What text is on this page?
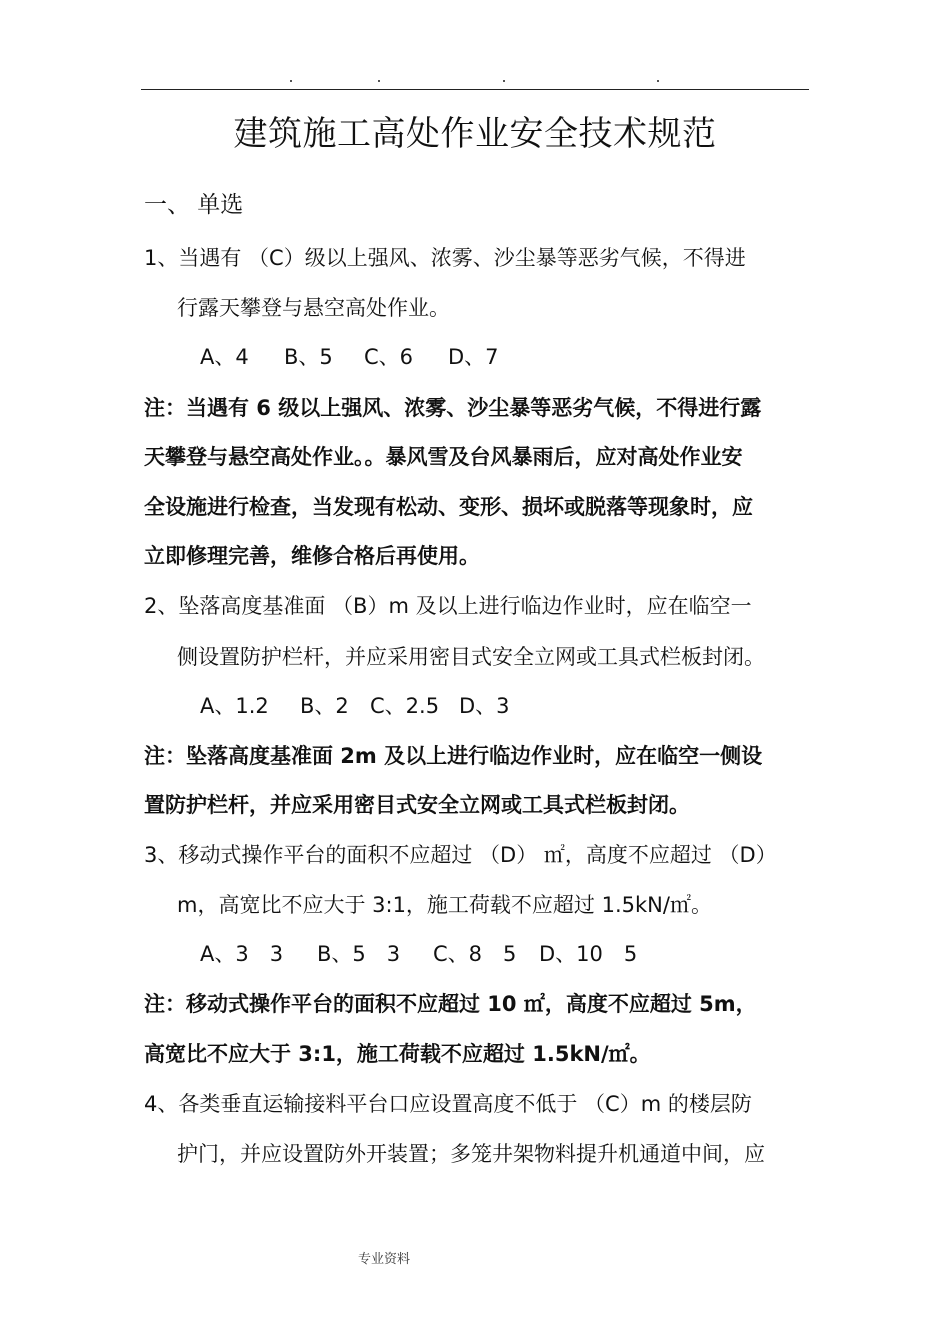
建筑施工高处作业安全技术规范
一、 单选
1、当遇有 （C）级以上强风、浓雾、沙尘暴等恶劣气候，不得进
行露天攀登与悬空高处作业。
A、4 B、5 C、6 D、7
注：当遇有 6 级以上强风、浓雾、沙尘暴等恶劣气候，不得进行露
天攀登与悬空高处作业。。暴风雪及台风暴雨后，应对高处作业安
全设施进行检查，当发现有松动、变形、损坏或脱落等现象时，应
立即修理完善，维修合格后再使用。
2、坠落高度基准面 （B）m 及以上进行临边作业时，应在临空一
侧设置防护栏杆，并应采用密目式安全立网或工具式栏板封闭。
A、1.2 B、2 C、2.5 D、3
注：坠落高度基准面 2m 及以上进行临边作业时，应在临空一侧设
置防护栏杆，并应采用密目式安全立网或工具式栏板封闭。
3、移动式操作平台的面积不应超过 （D） ㎡，高度不应超过 （D）
m，高宽比不应大于 3:1，施工荷载不应超过 1.5kN/㎡。
A、3　3 B、5　3 C、8　5 D、10　5
注：移动式操作平台的面积不应超过 10 ㎡，高度不应超过 5m，
高宽比不应大于 3:1，施工荷载不应超过 1.5kN/㎡。
4、各类垂直运输接料平台口应设置高度不低于 （C）m 的楼层防
护门，并应设置防外开装置；多笼井架物料提升机通道中间，应
专业资料
